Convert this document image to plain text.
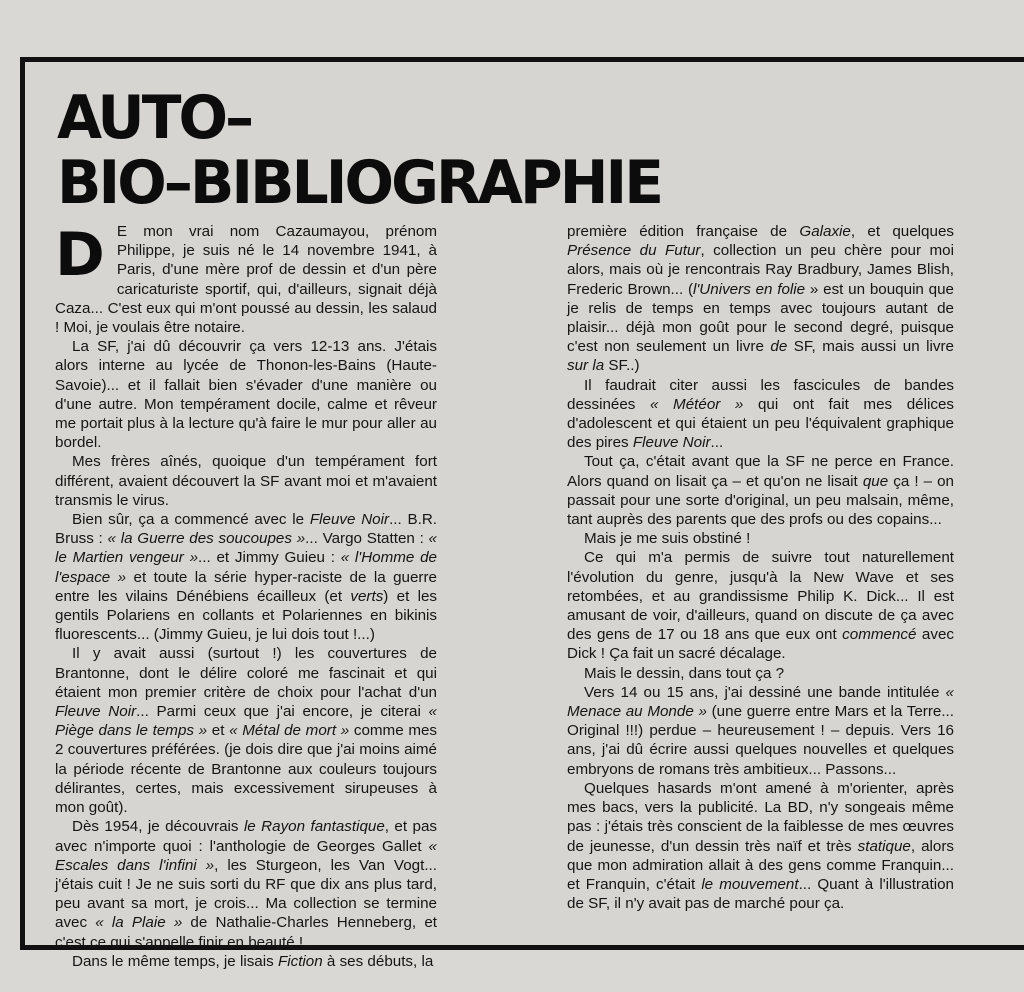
AUTO–
BIO–BIBLIOGRAPHIE
D E mon vrai nom Cazaumayou, prénom Philippe, je suis né le 14 novembre 1941, à Paris, d'une mère prof de dessin et d'un père caricaturiste sportif, qui, d'ailleurs, signait déjà Caza... C'est eux qui m'ont poussé au dessin, les salaud ! Moi, je voulais être notaire.

La SF, j'ai dû découvrir ça vers 12-13 ans. J'étais alors interne au lycée de Thonon-les-Bains (Haute-Savoie)... et il fallait bien s'évader d'une manière ou d'une autre. Mon tempérament docile, calme et rêveur me portait plus à la lecture qu'à faire le mur pour aller au bordel.

Mes frères aînés, quoique d'un tempérament fort différent, avaient découvert la SF avant moi et m'avaient transmis le virus.

Bien sûr, ça a commencé avec le Fleuve Noir... B.R. Bruss : « la Guerre des soucoupes »... Vargo Statten : « le Martien vengeur »... et Jimmy Guieu : « l'Homme de l'espace » et toute la série hyper-raciste de la guerre entre les vilains Dénébiens écailleux (et verts) et les gentils Polariens en collants et Polariennes en bikinis fluorescents... (Jimmy Guieu, je lui dois tout !...)

Il y avait aussi (surtout !) les couvertures de Brantonne, dont le délire coloré me fascinait et qui étaient mon premier critère de choix pour l'achat d'un Fleuve Noir... Parmi ceux que j'ai encore, je citerai « Piège dans le temps » et « Métal de mort » comme mes 2 couvertures préférées. (je dois dire que j'ai moins aimé la période récente de Brantonne aux couleurs toujours délirantes, certes, mais excessivement sirupeuses à mon goût).

Dès 1954, je découvrais le Rayon fantastique, et pas avec n'importe quoi : l'anthologie de Georges Gallet « Escales dans l'infini », les Sturgeon, les Van Vogt... j'étais cuit ! Je ne suis sorti du RF que dix ans plus tard, peu avant sa mort, je crois... Ma collection se termine avec « la Plaie » de Nathalie-Charles Henneberg, et c'est ce qui s'appelle finir en beauté !...

Dans le même temps, je lisais Fiction à ses débuts, la

première édition française de Galaxie, et quelques Présence du Futur, collection un peu chère pour moi alors, mais où je rencontrais Ray Bradbury, James Blish, Frederic Brown... (l'Univers en folie » est un bouquin que je relis de temps en temps avec toujours autant de plaisir... déjà mon goût pour le second degré, puisque c'est non seulement un livre de SF, mais aussi un livre sur la SF..)

Il faudrait citer aussi les fascicules de bandes dessinées « Météor » qui ont fait mes délices d'adolescent et qui étaient un peu l'équivalent graphique des pires Fleuve Noir...

Tout ça, c'était avant que la SF ne perce en France. Alors quand on lisait ça – et qu'on ne lisait que ça ! – on passait pour une sorte d'original, un peu malsain, même, tant auprès des parents que des profs ou des copains...

Mais je me suis obstiné !

Ce qui m'a permis de suivre tout naturellement l'évolution du genre, jusqu'à la New Wave et ses retombées, et au grandissisme Philip K. Dick... Il est amusant de voir, d'ailleurs, quand on discute de ça avec des gens de 17 ou 18 ans que eux ont commencé avec Dick ! Ça fait un sacré décalage.

Mais le dessin, dans tout ça ?

Vers 14 ou 15 ans, j'ai dessiné une bande intitulée « Menace au Monde » (une guerre entre Mars et la Terre... Original !!!) perdue – heureusement ! – depuis. Vers 16 ans, j'ai dû écrire aussi quelques nouvelles et quelques embryons de romans très ambitieux... Passons...

Quelques hasards m'ont amené à m'orienter, après mes bacs, vers la publicité. La BD, n'y songeais même pas : j'étais très conscient de la faiblesse de mes œuvres de jeunesse, d'un dessin très naïf et très statique, alors que mon admiration allait à des gens comme Franquin... et Franquin, c'était le mouvement... Quant à l'illustration de SF, il n'y avait pas de marché pour ça.
